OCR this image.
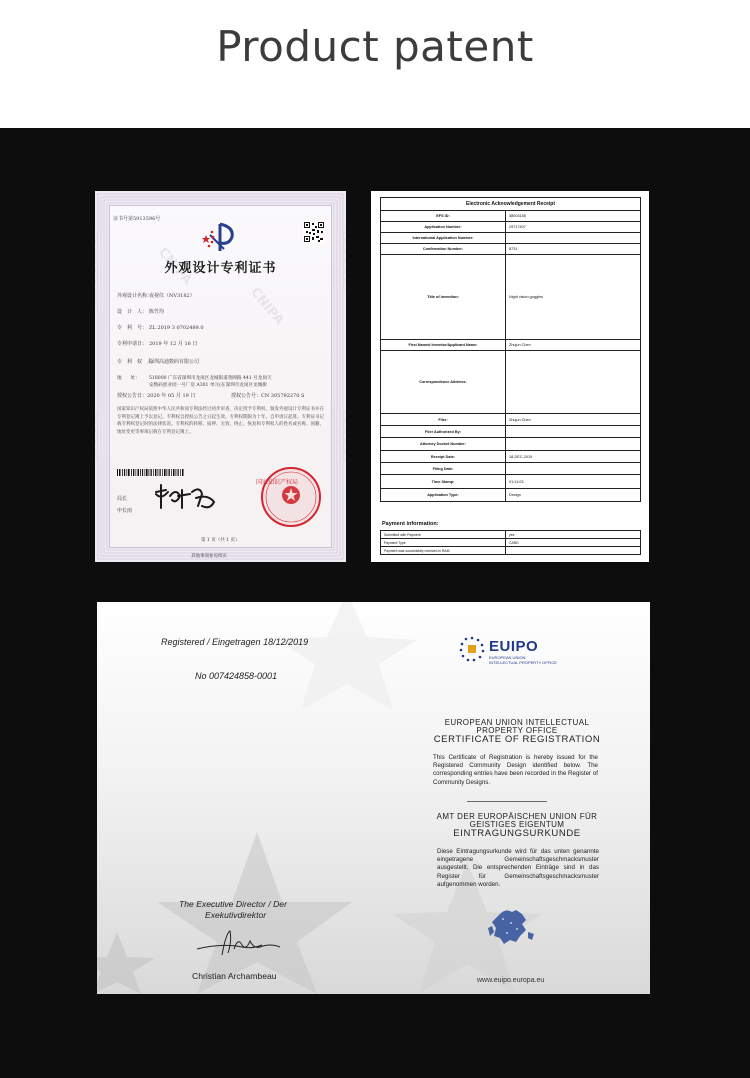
Product patent
CNIPA
CNIPA
证书号第5913596号
外观设计专利证书
外观设计名称：夜视仪（NV3182）
设　计　人： 陈竹均
专　利　号： ZL 2019 3 0702489.0
专利申请日： 2019 年 12 月 16 日
专　利　权　人：深圳高迪数码有限公司
地　　址： 518000 广东省深圳市龙岗区龙城街道黄阁路 441 号龙岗天
安数码创业园一号厂房 A301 单元(在深圳市龙岗区龙城街
授权公告日：2020 年 05 月 19 日	授权公告号：CN 305792270 S
国家知识产权局依照中华人民共和国专利法经过初步审查，决定授予专利权，颁发外观设计专利证书并在专利登记簿上予以登记。专利权自授权公告之日起生效。专利权期限为十年，自申请日起算。专利证书记载专利权登记时的法律状况。专利权的转移、质押、无效、终止、恢复和专利权人的姓名或名称、国籍、地址变更等事项记载在专利登记簿上。
局长
申长雨
国家知识产权局
第 1 页（共 1 页）
其他事项参见续页
Electronic Acknowledgement Receipt	
EFS ID:	38004156
Application Number:	29717407
International Application Number:	
Confirmation Number:	8731
Title of Invention:	Night vision goggles
First Named Inventor/Applicant Name:	Zhujun Chen
Correspondence Address:	
Filer:	Zhujun Chen
Filer Authorized By:	
Attorney Docket Number:	
Receipt Date:	18-DEC-2019
Filing Date:	
Time Stamp:	01:11:03
Application Type:	Design
Payment information:
Submitted with Payment	yes
Payment Type	CARD
Payment was successfully received in RAM	
Registered / Eingetragen 18/12/2019
No 007424858-0001
EUIPO
EUROPEAN UNION
INTELLECTUAL PROPERTY OFFICE
EUROPEAN UNION INTELLECTUAL
PROPERTY OFFICE
CERTIFICATE OF REGISTRATION
This Certificate of Registration is hereby issued for the Registered Community Design identified below. The corresponding entries have been recorded in the Register of Community Designs.
AMT DER EUROPÄISCHEN UNION FÜR
GEISTIGES EIGENTUM
EINTRAGUNGSURKUNDE
Diese Eintragungsurkunde wird für das unten genannte eingetragene Gemeinschaftsgeschmacksmuster ausgestellt. Die entsprechenden Einträge sind in das Register für Gemeinschaftsgeschmacksmuster aufgenommen worden.
The Executive Director / Der
Exekutivdirektor
Christian Archambeau	www.euipo.europa.eu
